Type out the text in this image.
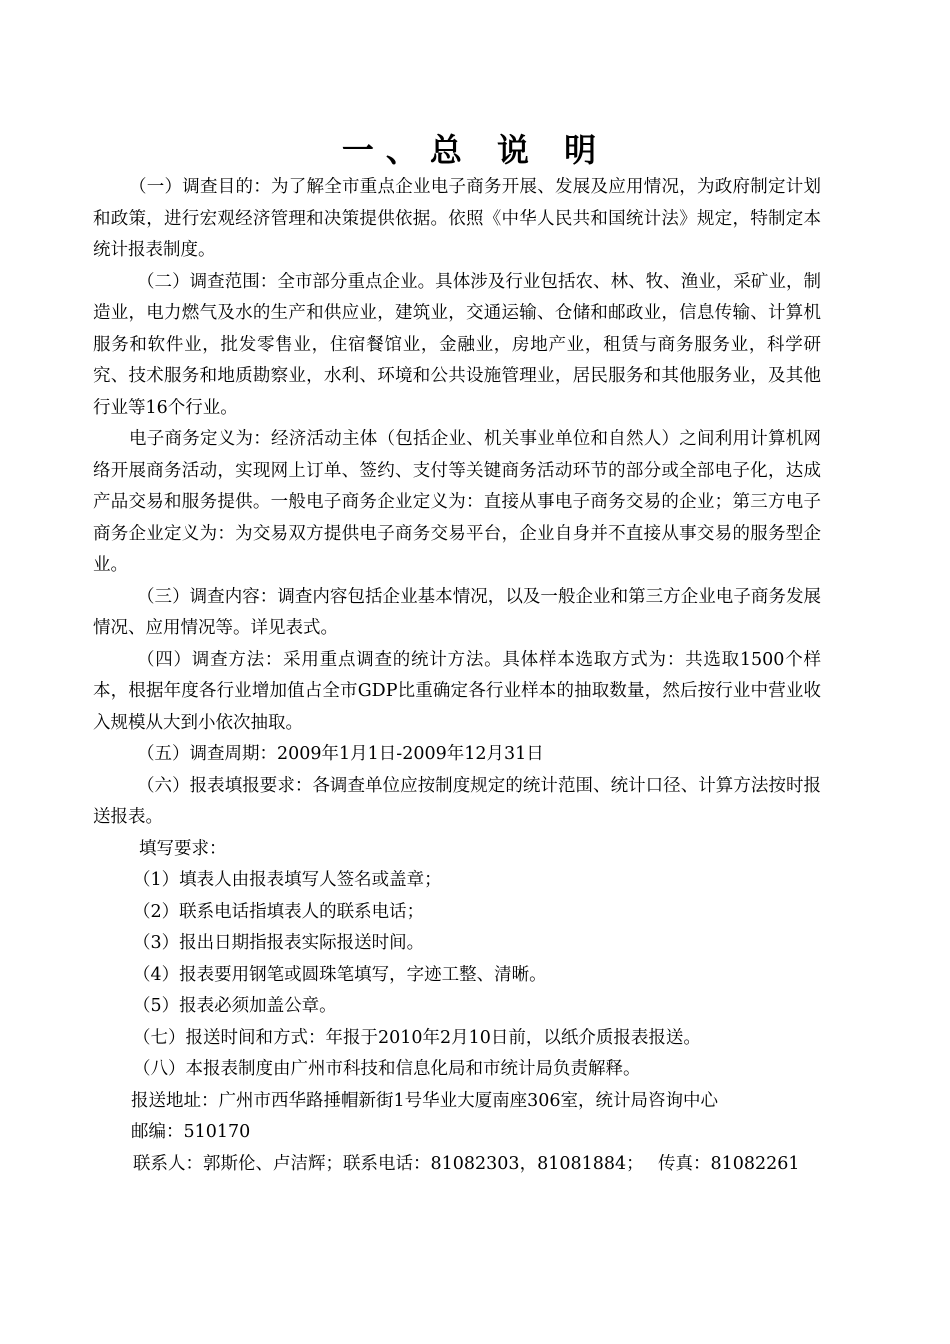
一、总 说 明

（一）调查目的：为了解全市重点企业电子商务开展、发展及应用情况，为政府制定计划和政策，进行宏观经济管理和决策提供依据。依照《中华人民共和国统计法》规定，特制定本统计报表制度。

（二）调查范围：全市部分重点企业。具体涉及行业包括农、林、牧、渔业，采矿业，制造业，电力燃气及水的生产和供应业，建筑业，交通运输、仓储和邮政业，信息传输、计算机服务和软件业，批发零售业，住宿餐馆业，金融业，房地产业，租赁与商务服务业，科学研究、技术服务和地质勘察业，水利、环境和公共设施管理业，居民服务和其他服务业，及其他行业等16个行业。

电子商务定义为：经济活动主体（包括企业、机关事业单位和自然人）之间利用计算机网络开展商务活动，实现网上订单、签约、支付等关键商务活动环节的部分或全部电子化，达成产品交易和服务提供。一般电子商务企业定义为：直接从事电子商务交易的企业；第三方电子商务企业定义为：为交易双方提供电子商务交易平台，企业自身并不直接从事交易的服务型企业。

（三）调查内容：调查内容包括企业基本情况，以及一般企业和第三方企业电子商务发展情况、应用情况等。详见表式。

（四）调查方法：采用重点调查的统计方法。具体样本选取方式为：共选取1500个样本，根据年度各行业增加值占全市GDP比重确定各行业样本的抽取数量，然后按行业中营业收入规模从大到小依次抽取。

（五）调查周期：2009年1月1日-2009年12月31日

（六）报表填报要求：各调查单位应按制度规定的统计范围、统计口径、计算方法按时报送报表。

填写要求：

（1）填表人由报表填写人签名或盖章；

（2）联系电话指填表人的联系电话；

（3）报出日期指报表实际报送时间。

（4）报表要用钢笔或圆珠笔填写，字迹工整、清晰。

（5）报表必须加盖公章。

（七）报送时间和方式：年报于2010年2月10日前，以纸介质报表报送。

（八）本报表制度由广州市科技和信息化局和市统计局负责解释。

报送地址：广州市西华路捶帽新街1号华业大厦南座306室，统计局咨询中心

邮编：510170

联系人：郭斯伦、卢洁辉；联系电话：81082303，81081884；　 传真：81082261
